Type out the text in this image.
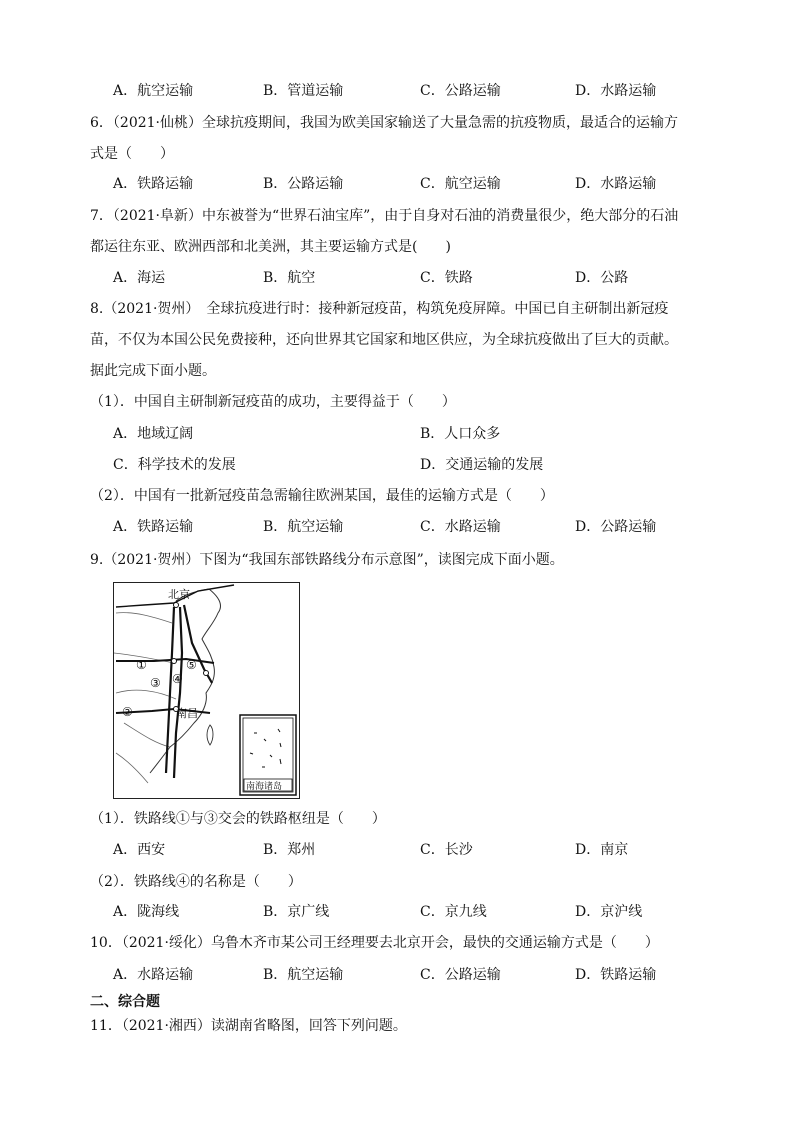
A．航空运输	B．管道运输	C．公路运输	D．水路运输
6．（2021·仙桃）全球抗疫期间，我国为欧美国家输送了大量急需的抗疫物质，最适合的运输方
式是（　　）
A．铁路运输	B．公路运输	C．航空运输	D．水路运输
7．（2021·阜新）中东被誉为“世界石油宝库”，由于自身对石油的消费量很少，绝大部分的石油
都运往东亚、欧洲西部和北美洲，其主要运输方式是(　　)
A．海运	B．航空	C．铁路	D．公路
8.（2021·贺州）　全球抗疫进行时：接种新冠疫苗，构筑免疫屏障。中国已自主研制出新冠疫
苗，不仅为本国公民免费接种，还向世界其它国家和地区供应，为全球抗疫做出了巨大的贡献。
据此完成下面小题。
（1）．中国自主研制新冠疫苗的成功，主要得益于（　　）
A．地域辽阔	B．人口众多
C．科学技术的发展	D．交通运输的发展
（2）．中国有一批新冠疫苗急需输往欧洲某国，最佳的运输方式是（　　）
A．铁路运输	B．航空运输	C．水路运输	D．公路运输
9.（2021·贺州）下图为“我国东部铁路线分布示意图”，读图完成下面小题。
北京
南昌
①
②
③ ④
⑤
南海诸岛
（1）．铁路线①与③交会的铁路枢纽是（　　）
A．西安	B．郑州	C．长沙	D．南京
（2）．铁路线④的名称是（　　）
A．陇海线	B．京广线	C．京九线	D．京沪线
10．（2021·绥化）乌鲁木齐市某公司王经理要去北京开会，最快的交通运输方式是（　　）
A．水路运输	B．航空运输	C．公路运输	D．铁路运输
二、综合题
11．（2021·湘西）读湖南省略图，回答下列问题。
